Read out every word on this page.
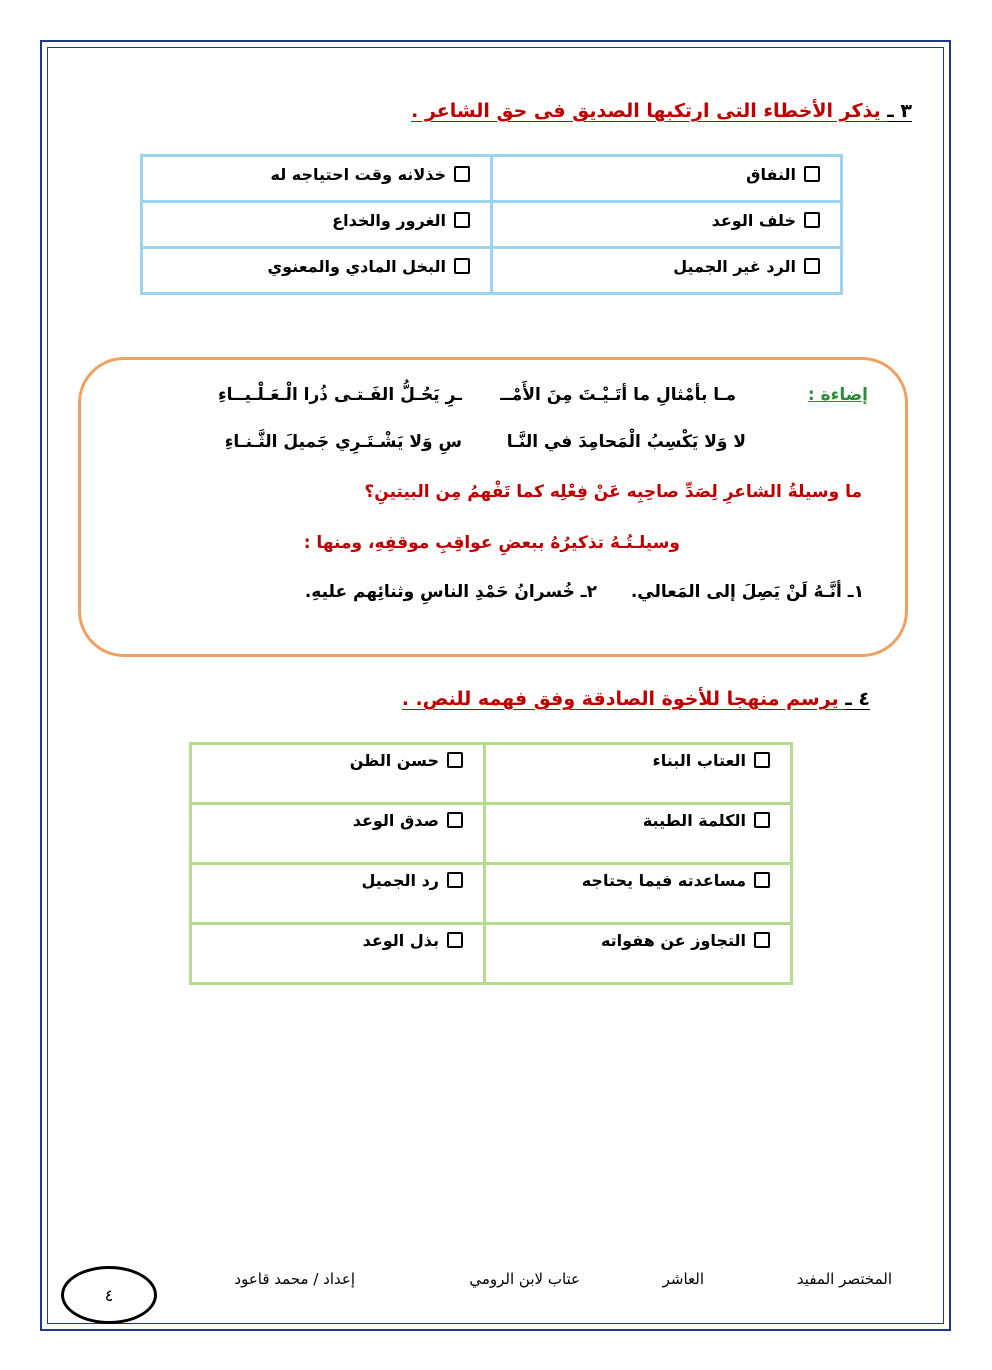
٣ ـ يذكر الأخطاء التى ارتكبها الصديق فى حق الشاعر .
النفاق	خذلانه وقت احتياجه له
خلف الوعد	الغرور والخداع
الرد غير الجميل	البخل المادي والمعنوي
إضاءة :
مـا بأمْثالِ ما أتَـيْـتَ مِنَ الأَمْــ
ـرِ يَحُـلُّ الفَـتـى ذُرا الْـعَـلْـيــاءِ
لا وَلا يَكْسِبُ الْمَحامِدَ في النَّـا
سِ وَلا يَشْـتَـرِي جَميلَ الثَّـنـاءِ
ما وسيلةُ الشاعرِ لِصَدِّ صاحِبِه عَنْ فِعْلِه كما تَفْهمُ مِن البيتينِ؟
وسيلـتُـهُ تذكيرُهُ ببعضِ عواقِبِ موقفِهِ، ومنها :
١ـ أنَّـهُ لَنْ يَصِلَ إلى المَعالي.
٢ـ خُسرانُ حَمْدِ الناسِ وثنائِهم عليهِ.
٤ ـ يرسم منهجا للأخوة الصادقة وفق فهمه للنص. .
العتاب البناء	حسن الظن
الكلمة الطيبة	صدق الوعد
مساعدته فيما يحتاجه	رد الجميل
التجاوز عن هفواته	بذل الوعد
المختصر المفيد
العاشر
عتاب لابن الرومي
إعداد / محمد قاعود
٤
